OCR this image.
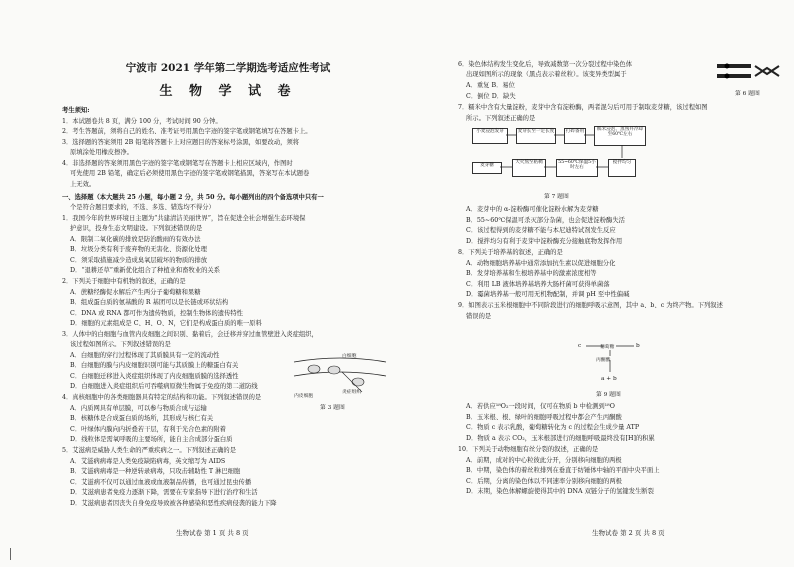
宁波市 2021 学年第二学期选考适应性考试
生 物 学 试 卷
考生须知:
1．本试题卷共 8 页，满分 100 分，考试时间 90 分钟。
2．考生答题前，须将自己的姓名、准考证号用黑色字迹的签字笔或钢笔填写在答题卡上。
3．选择题的答案须用 2B 铅笔将答题卡上对应题目的答案标号涂黑，如要改动，须将
原填涂处用橡皮擦净。
4．非选择题的答案须用黑色字迹的签字笔或钢笔写在答题卡上相应区域内，作图时
可先使用 2B 铅笔，确定后必须使用黑色字迹的签字笔或钢笔描黑，答案写在本试题卷
上无效。
一、选择题（本大题共 25 小题，每小题 2 分，共 50 分。每小题列出的四个备选项中只有一
个是符合题目要求的，不选、多选、错选均不得分）
1．我国今年的世界环境日主题为“共建清洁美丽世界”，旨在促进全社会增强生态环境保
护意识，投身生态文明建设。下列叙述错误的是
A．限制二氧化碳的排放是防治酸雨的有效办法
B．垃圾分类有利于废弃物的无害化、资源化处理
C．须采取措施减少造成臭氧层破坏的物质的排放
D．“退耕还草”重新优化组合了种植业和畜牧业的关系
2．下列关于细胞中有机物的叙述，正确的是
A．蔗糖经酶促水解后产生两分子葡萄糖和果糖
B．组成蛋白质的氨基酸的 R 基团可以是长链或环状结构
C．DNA 或 RNA 都可作为遗传物质，控制生物体的遗传特性
D．细胞的元素组成是 C、H、O、N，它们是构成蛋白质的唯一原料
3．人体中的白细胞与血管内皮细胞之间识别、黏着后，会迁移并穿过血管壁进入炎症组织，
该过程如图所示。下列叙述错误的是
A．白细胞的穿行过程体现了其质膜具有一定的流动性
B．白细胞的膜与内皮细胞识别可能与其质膜上的糖蛋白有关
C．白细胞迁移进入炎症组织体现了内皮细胞质膜的选择透性
D．白细胞进入炎症组织后可吞噬病原微生物属于免疫的第二道防线
4．真核细胞中的各类细胞器具有特定的结构和功能。下列叙述错误的是
A．内质网具有单层膜，可以参与物质合成与运输
B．核糖体是合成蛋白质的场所，其形成与核仁有关
C．叶绿体内膜向内折叠若干层，有利于光合色素的附着
D．线粒体是需氧呼吸的主要场所，能自主合成部分蛋白质
5．艾滋病是威胁人类生命的严重疾病之一。下列叙述正确的是
A．艾滋病病毒是人类免疫缺陷病毒，英文缩写为 AIDS
B．艾滋病病毒是一种逆转录病毒，只攻击辅助性 T 淋巴细胞
C．艾滋病不仅可以通过血液或血液制品传播，也可通过昆虫传播
D．艾滋病患者免疫力逐渐下降，需要在专家指导下进行治疗和生活
D．艾滋病患者因丧失自身免疫导致被各种感染和恶性疾病侵袭的能力下降
6．染色体结构发生变化后，导致减数第一次分裂过程中染色体
出现如图所示的现象（黑点表示着丝粒）。该变异类型属于
A．重复 B．易位
C．倒位 D．缺失
7．糯米中含有大量淀粉，麦芽中含有淀粉酶，两者混匀后可用于制取麦芽糖，该过程如图
所示。下列叙述正确的是
A．麦芽中的 α-淀粉酶可催化淀粉水解为麦芽糖
B．55~60℃保温可杀灭部分杂菌，也会促进淀粉酶失活
C．该过程得到的麦芽糖不能与本尼迪特试剂发生反应
D．搅拌均匀有利于麦芽中淀粉酶充分接触底物发挥作用
8．下列关于培养基的叙述，正确的是
A．动物细胞培养基中通常添加抗生素以促进细胞分化
B．发芽培养基和生根培养基中的激素浓度相等
C．利用 LB 液体培养基培养大肠杆菌可获得单菌落
D．霉菌培养基一般可用无机物配制，并调 pH 至中性偏碱
9．如图表示玉米根细胞中不同阶段进行的细胞呼吸示意图，其中 a、b、c 为终产物。下列叙述
错误的是
A．若供应¹⁸O₂一段时间，仅可在物质 b 中检测到¹⁸O
B．玉米根、根、绿叶的细胞呼吸过程中都会产生丙酮酸
C．物质 c 表示乳酸，葡萄糖转化为 c 的过程会生成少量 ATP
D．物质 a 表示 CO₂，玉米根部进行的细胞呼吸最终没有[H]的积累
10．下列关于动物细胞有丝分裂的叙述，正确的是
A．前期，成对的中心粒彼此分开，分别移向细胞的两极
B．中期，染色体的着丝粒排列在垂直于纺锤体中轴的平面中央平面上
C．后期，分离的染色体以不同速率分别移向细胞的两极
D．末期，染色体解螺旋使得其中的 DNA 双链分子的氢键发生断裂
白细胞
内皮细胞
炎症组织
第 3 题图
第 6 题图
小麦浸泡发芽	麦芽长至一定长度	打碎备用	糯米浸泡、蒸熟并冷却至60℃左右
麦芽糖
大火熬至粘稠	55~60℃保温5小时左右
搅拌均匀
第 7 题图
c	葡萄糖	b
丙酮酸
a + b
第 9 题图
生物试卷 第 1 页 共 8 页	生物试卷 第 2 页 共 8 页
